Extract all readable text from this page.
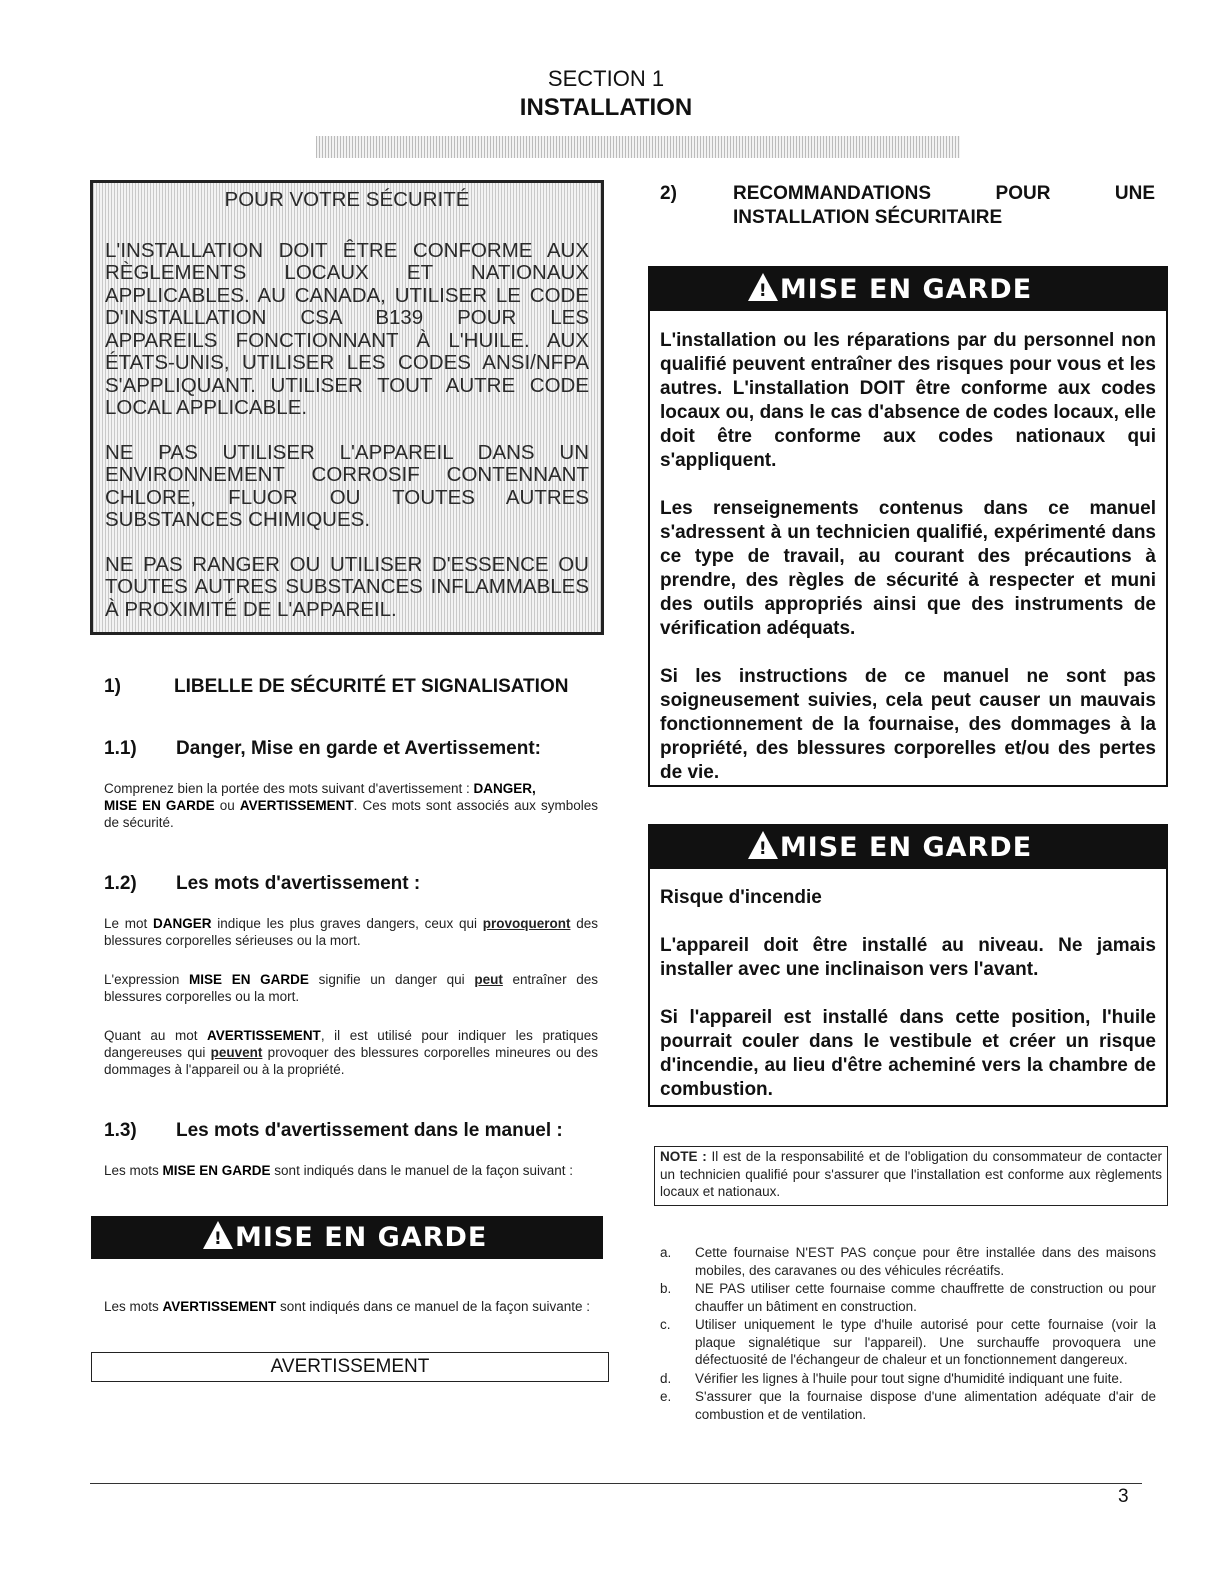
SECTION 1
INSTALLATION
POUR VOTRE SÉCURITÉ

L'INSTALLATION DOIT ÊTRE CONFORME AUX RÈGLEMENTS LOCAUX ET NATIONAUX APPLICABLES. AU CANADA, UTILISER LE CODE D'INSTALLATION CSA B139 POUR LES APPAREILS FONCTIONNANT À L'HUILE. AUX ÉTATS-UNIS, UTILISER LES CODES ANSI/NFPA S'APPLIQUANT. UTILISER TOUT AUTRE CODE LOCAL APPLICABLE.

NE PAS UTILISER L'APPAREIL DANS UN ENVIRONNEMENT CORROSIF CONTENNANT CHLORE, FLUOR OU TOUTES AUTRES SUBSTANCES CHIMIQUES.

NE PAS RANGER OU UTILISER D'ESSENCE OU TOUTES AUTRES SUBSTANCES INFLAMMABLES À PROXIMITÉ DE L'APPAREIL.

1)	LIBELLE DE SÉCURITÉ ET SIGNALISATION
1.1) Danger, Mise en garde et Avertissement:
Comprenez bien la portée des mots suivant d'avertissement : DANGER,
MISE EN GARDE ou AVERTISSEMENT. Ces mots sont associés aux symboles de sécurité.
1.2) Les mots d'avertissement :
Le mot DANGER indique les plus graves dangers, ceux qui provoqueront des blessures corporelles sérieuses ou la mort.
L'expression MISE EN GARDE signifie un danger qui peut entraîner des blessures corporelles ou la mort.
Quant au mot AVERTISSEMENT, il est utilisé pour indiquer les pratiques dangereuses qui peuvent provoquer des blessures corporelles mineures ou des dommages à l'appareil ou à la propriété.
1.3) Les mots d'avertissement dans le manuel :
Les mots MISE EN GARDE sont indiqués dans le manuel de la façon suivant :
! MISE EN GARDE
Les mots AVERTISSEMENT sont indiqués dans ce manuel de la façon suivante :
AVERTISSEMENT
2)	RECOMMANDATIONS POUR UNE INSTALLATION SÉCURITAIRE
! MISE EN GARDE

L'installation ou les réparations par du personnel non qualifié peuvent entraîner des risques pour vous et les autres. L'installation DOIT être conforme aux codes locaux ou, dans le cas d'absence de codes locaux, elle doit être conforme aux codes nationaux qui s'appliquent.

Les renseignements contenus dans ce manuel s'adressent à un technicien qualifié, expérimenté dans ce type de travail, au courant des précautions à prendre, des règles de sécurité à respecter et muni des outils appropriés ainsi que des instruments de vérification adéquats.

Si les instructions de ce manuel ne sont pas soigneusement suivies, cela peut causer un mauvais fonctionnement de la fournaise, des dommages à la propriété, des blessures corporelles et/ou des pertes de vie.

! MISE EN GARDE

Risque d'incendie

L'appareil doit être installé au niveau. Ne jamais installer avec une inclinaison vers l'avant.

Si l'appareil est installé dans cette position, l'huile pourrait couler dans le vestibule et créer un risque d'incendie, au lieu d'être acheminé vers la chambre de combustion.

NOTE : Il est de la responsabilité et de l'obligation du consommateur de contacter un technicien qualifié pour s'assurer que l'installation est conforme aux règlements locaux et nationaux.
a. Cette fournaise N'EST PAS conçue pour être installée dans des maisons mobiles, des caravanes ou des véhicules récréatifs.
b. NE PAS utiliser cette fournaise comme chauffrette de construction ou pour chauffer un bâtiment en construction.
c. Utiliser uniquement le type d'huile autorisé pour cette fournaise (voir la plaque signalétique sur l'appareil). Une surchauffe provoquera une défectuosité de l'échangeur de chaleur et un fonctionnement dangereux.
d. Vérifier les lignes à l'huile pour tout signe d'humidité indiquant une fuite.
e. S'assurer que la fournaise dispose d'une alimentation adéquate d'air de combustion et de ventilation.
3
